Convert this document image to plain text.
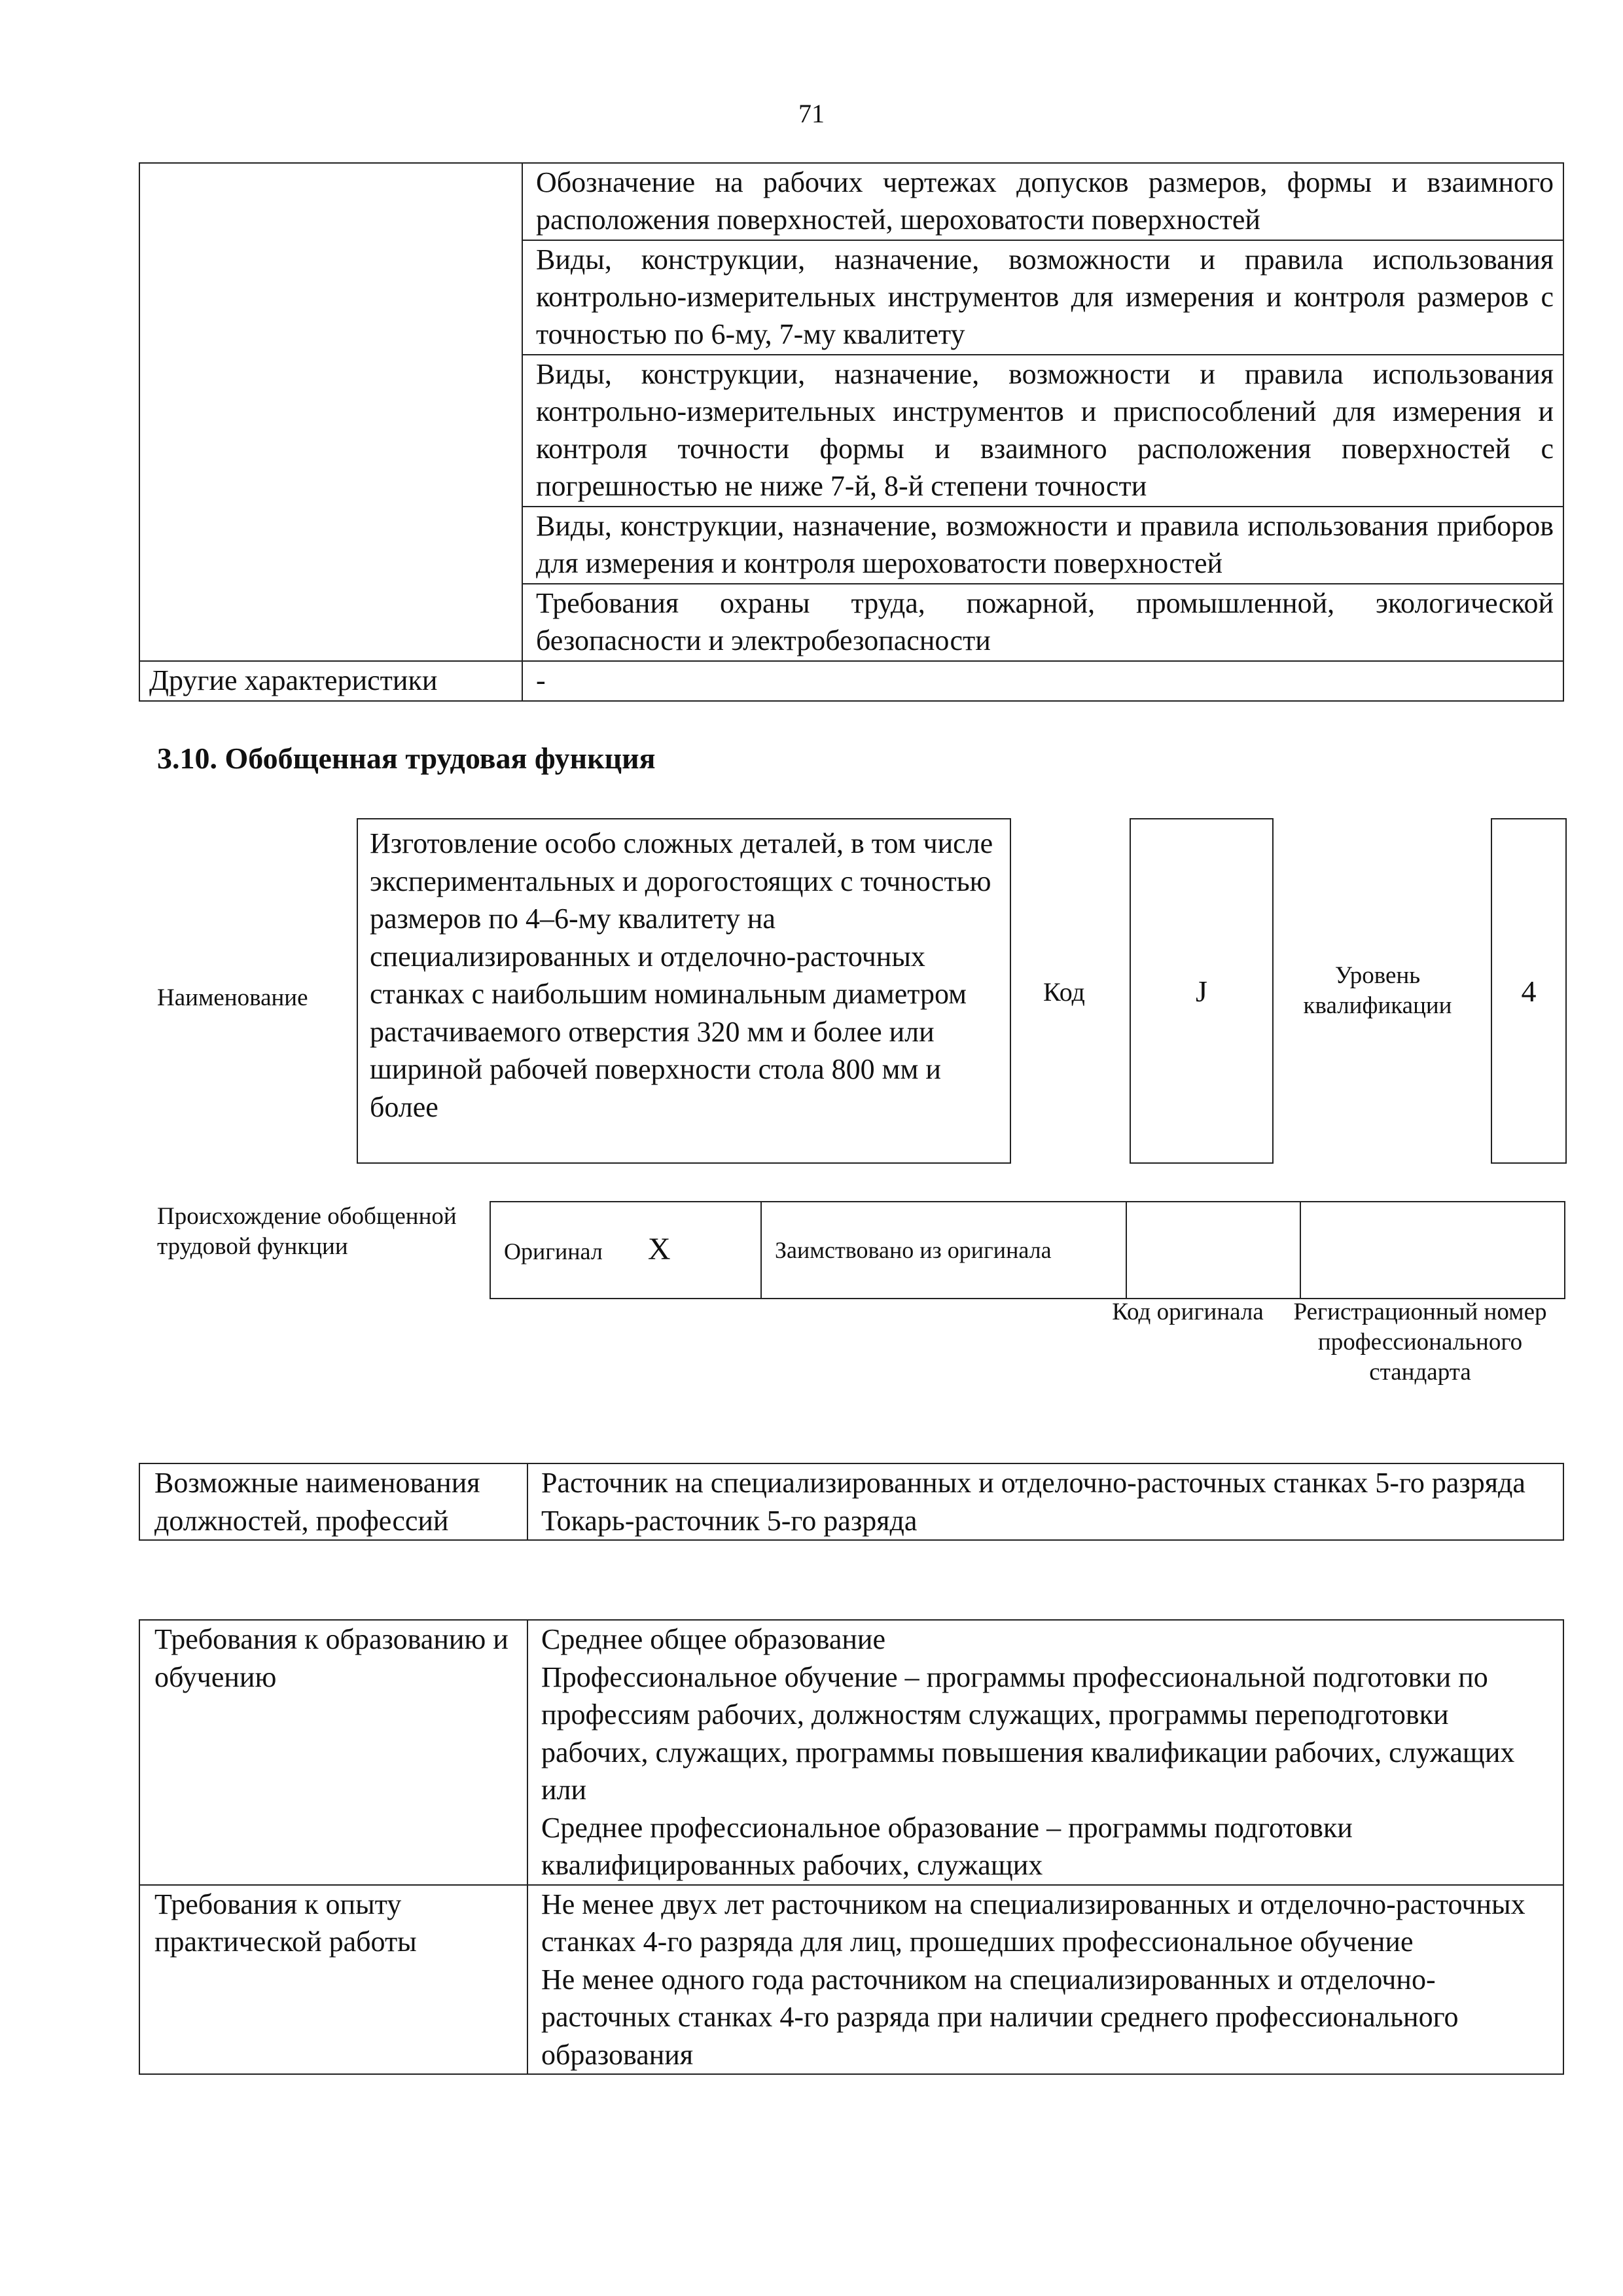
71
	Обозначение на рабочих чертежах допусков размеров, формы и взаимного расположения поверхностей, шероховатости поверхностей
	Виды, конструкции, назначение, возможности и правила использования контрольно-измерительных инструментов для измерения и контроля размеров с точностью по 6-му, 7-му квалитету
	Виды, конструкции, назначение, возможности и правила использования контрольно-измерительных инструментов и приспособлений для измерения и контроля точности формы и взаимного расположения поверхностей с погрешностью не ниже 7-й, 8-й степени точности
	Виды, конструкции, назначение, возможности и правила использования приборов для измерения и контроля шероховатости поверхностей
	Требования охраны труда, пожарной, промышленной, экологической безопасности и электробезопасности
Другие характеристики	-
3.10. Обобщенная трудовая функция
Наименование
Изготовление особо сложных деталей, в том числе экспериментальных и дорогостоящих с точностью размеров по 4–6-му квалитету на специализированных и отделочно-расточных станках с наибольшим номинальным диаметром растачиваемого отверстия 320 мм и более или шириной рабочей поверхности стола 800 мм и более
Код	J	Уровень квалификации	4
Происхождение обобщенной трудовой функции	Оригинал X	Заимствовано из оригинала		
Код оригинала	Регистрационный номер профессионального стандарта
Возможные наименования должностей, профессий	Расточник на специализированных и отделочно-расточных станках 5-го разряда
Токарь-расточник 5-го разряда
Требования к образованию и обучению	Среднее общее образование
Профессиональное обучение – программы профессиональной подготовки по профессиям рабочих, должностям служащих, программы переподготовки рабочих, служащих, программы повышения квалификации рабочих, служащих
или
Среднее профессиональное образование – программы подготовки квалифицированных рабочих, служащих

Требования к опыту практической работы	Не менее двух лет расточником на специализированных и отделочно-расточных станках 4-го разряда для лиц, прошедших профессиональное обучение
Не менее одного года расточником на специализированных и отделочно-расточных станках 4-го разряда при наличии среднего профессионального образования
